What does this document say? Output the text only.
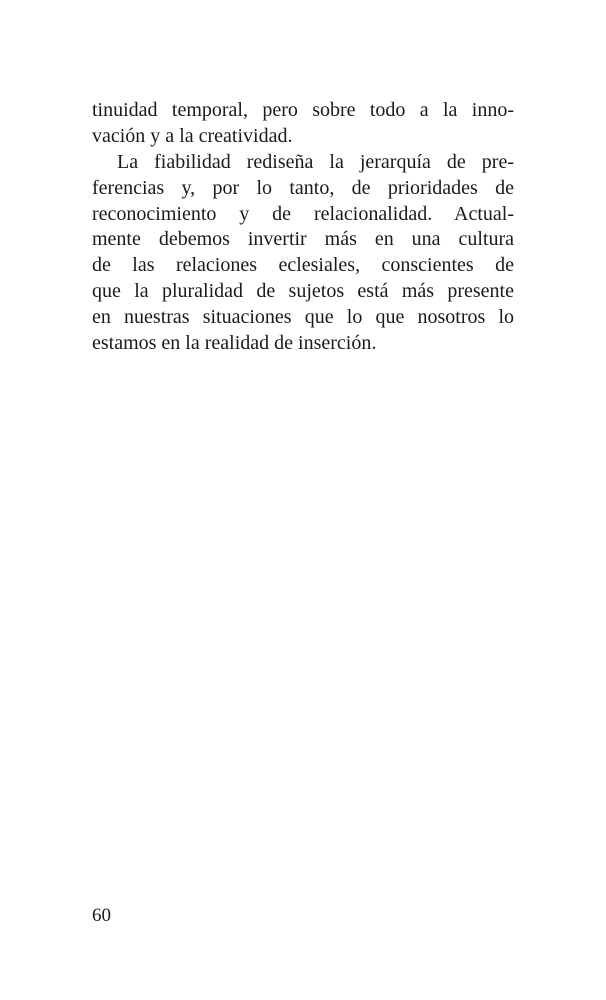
tinuidad temporal, pero sobre todo a la inno-
vación y a la creatividad.
La fiabilidad rediseña la jerarquía de pre-
ferencias y, por lo tanto, de prioridades de
reconocimiento y de relacionalidad. Actual-
mente debemos invertir más en una cultura
de las relaciones eclesiales, conscientes de
que la pluralidad de sujetos está más presente
en nuestras situaciones que lo que nosotros lo
estamos en la realidad de inserción.
60
